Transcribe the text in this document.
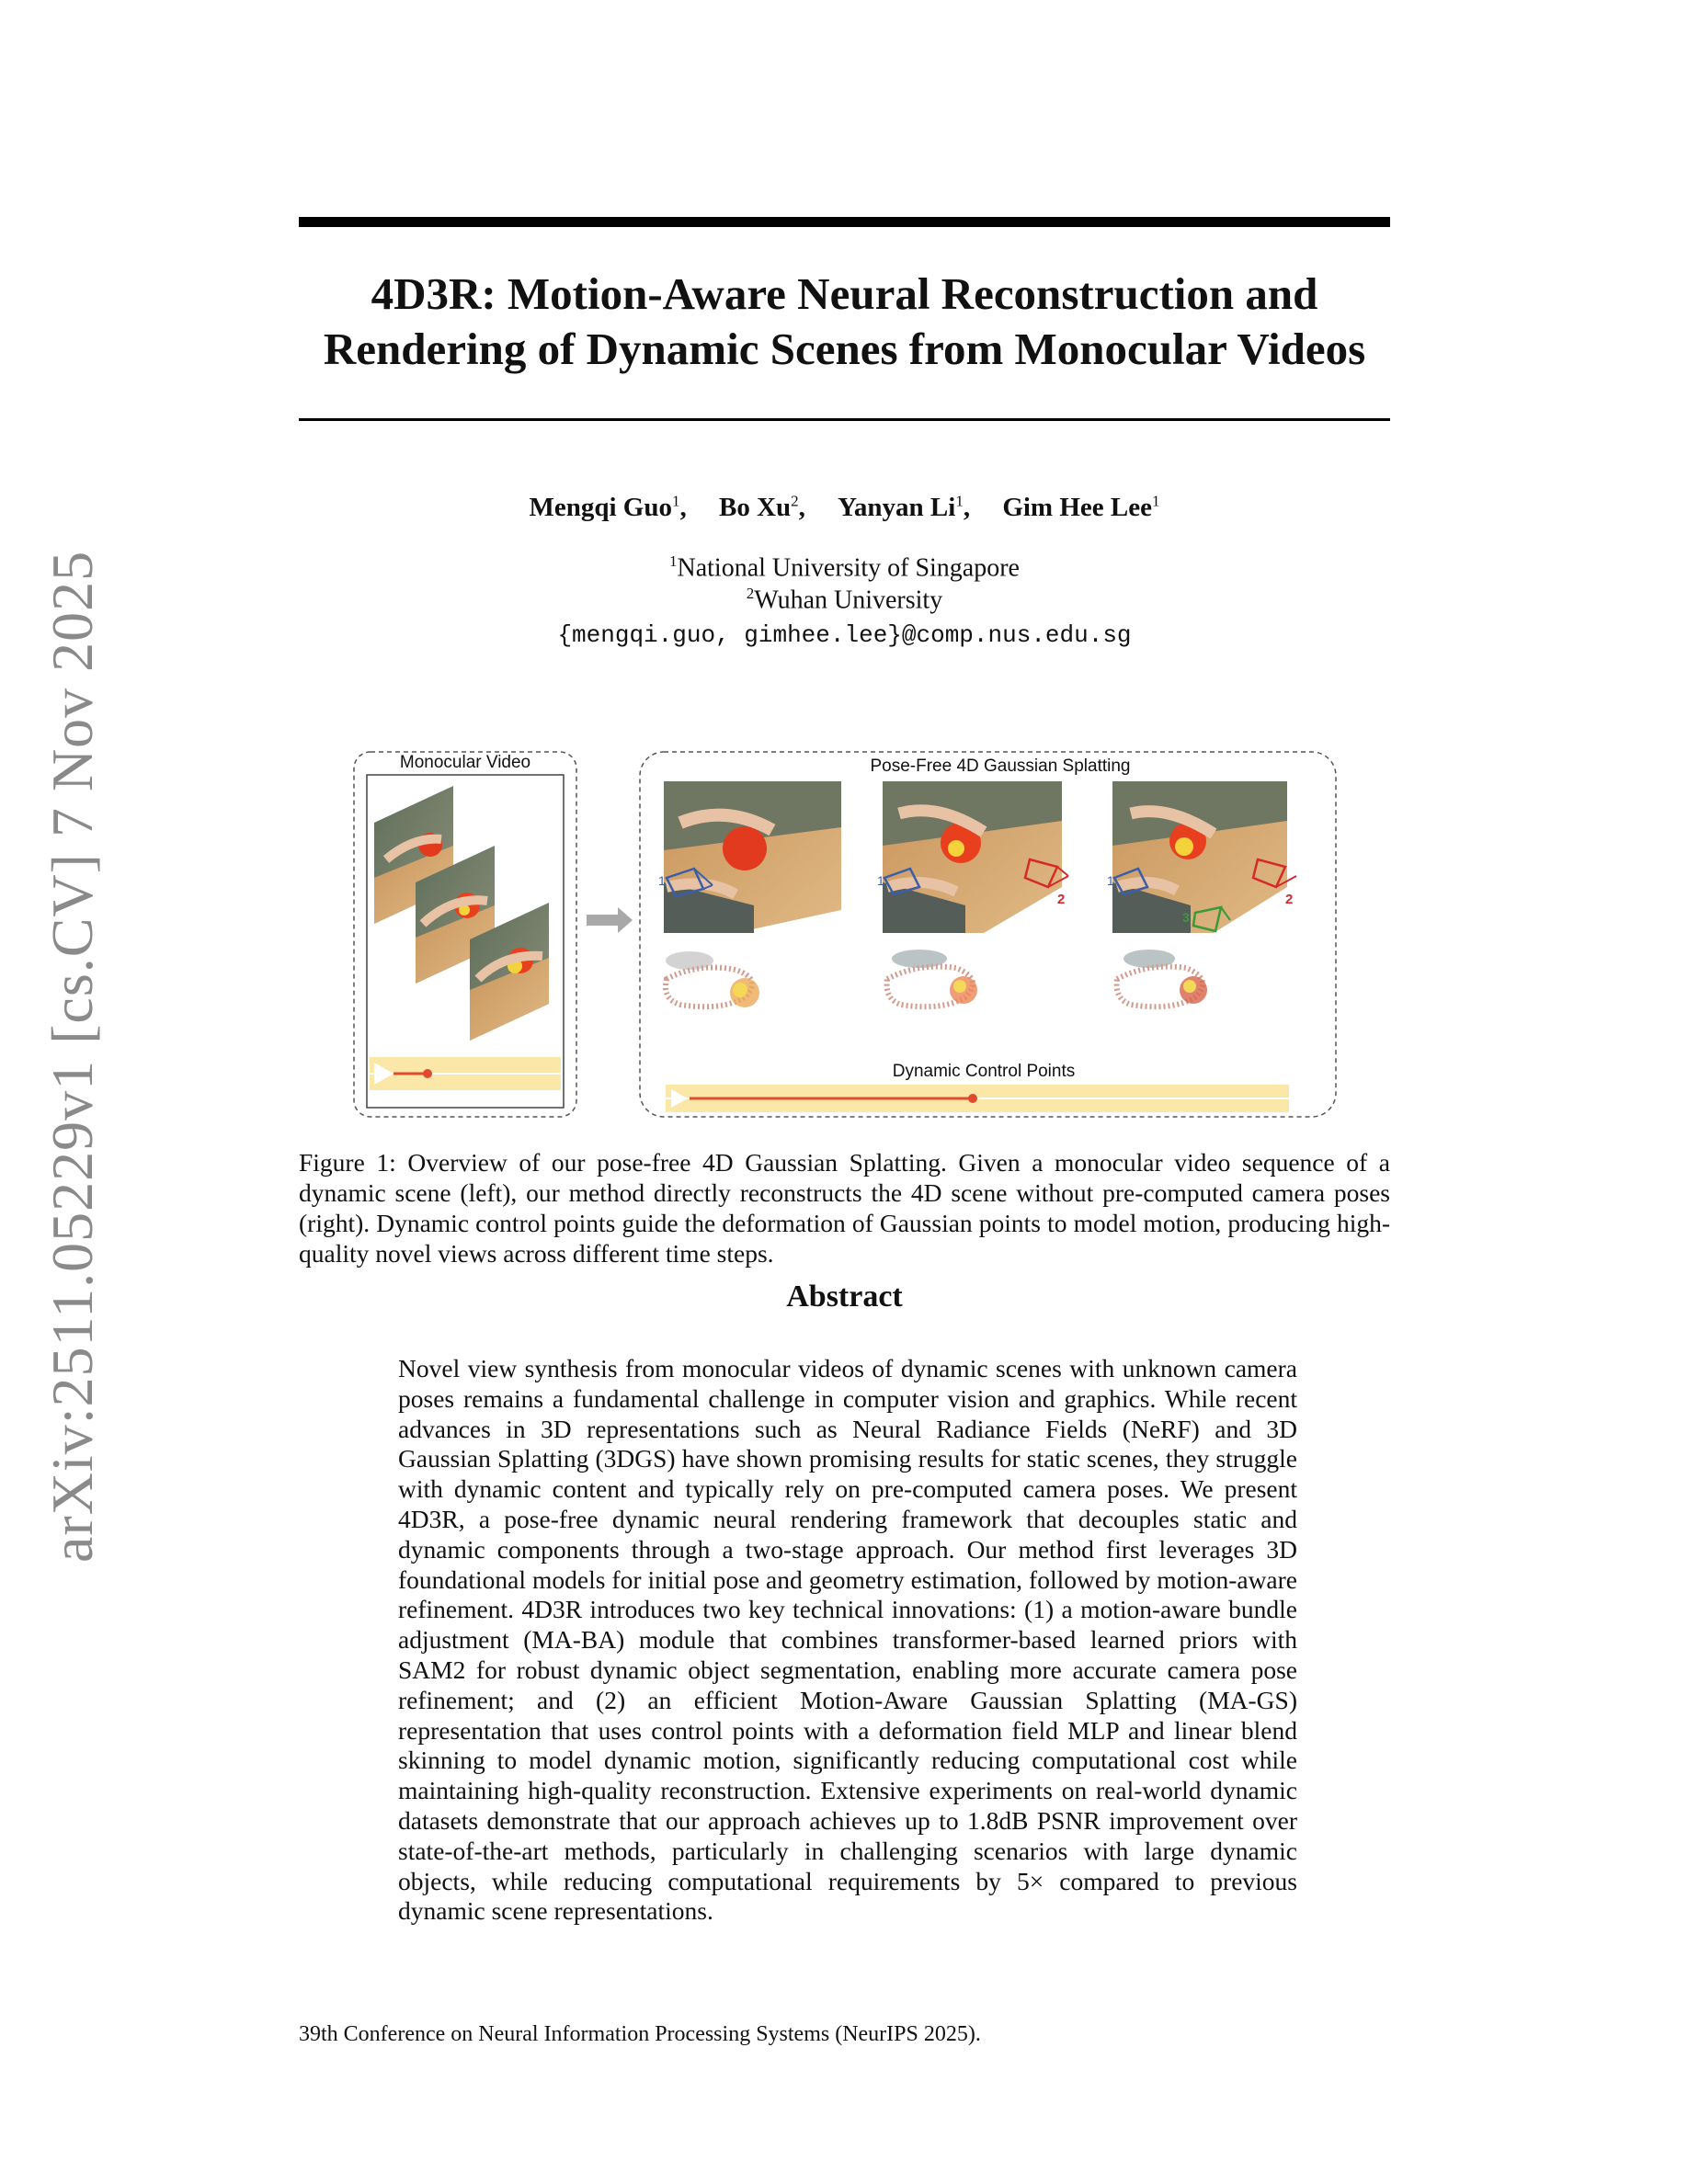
arXiv:2511.05229v1 [cs.CV] 7 Nov 2025
4D3R: Motion-Aware Neural Reconstruction and
Rendering of Dynamic Scenes from Monocular Videos
Mengqi Guo$^1$, Bo Xu$^2$, Yanyan Li$^1$, Gim Hee Lee$^1$
$^1$National University of Singapore
$^2$Wuhan University
{mengqi.guo, gimhee.lee}@comp.nus.edu.sg
Monocular Video	Pose-Free 4D Gaussian Splatting
1	1
2
1
2
3
Dynamic Control Points
Figure 1: Overview of our pose-free 4D Gaussian Splatting. Given a monocular video sequence of a dynamic scene (left), our method directly reconstructs the 4D scene without pre-computed camera poses (right). Dynamic control points guide the deformation of Gaussian points to model motion, producing high-quality novel views across different time steps.
Abstract
Novel view synthesis from monocular videos of dynamic scenes with unknown camera poses remains a fundamental challenge in computer vision and graphics. While recent advances in 3D representations such as Neural Radiance Fields (NeRF) and 3D Gaussian Splatting (3DGS) have shown promising results for static scenes, they struggle with dynamic content and typically rely on pre-computed camera poses. We present 4D3R, a pose-free dynamic neural rendering framework that decouples static and dynamic components through a two-stage approach. Our method first leverages 3D foundational models for initial pose and geometry estimation, followed by motion-aware refinement. 4D3R introduces two key technical innovations: (1) a motion-aware bundle adjustment (MA-BA) module that combines transformer-based learned priors with SAM2 for robust dynamic object segmentation, enabling more accurate camera pose refinement; and (2) an efficient Motion-Aware Gaussian Splatting (MA-GS) representation that uses control points with a deformation field MLP and linear blend skinning to model dynamic motion, significantly reducing computational cost while maintaining high-quality reconstruction. Extensive experiments on real-world dynamic datasets demonstrate that our approach achieves up to 1.8dB PSNR improvement over state-of-the-art methods, particularly in challenging scenarios with large dynamic objects, while reducing computational requirements by 5× compared to previous dynamic scene representations.
39th Conference on Neural Information Processing Systems (NeurIPS 2025).
